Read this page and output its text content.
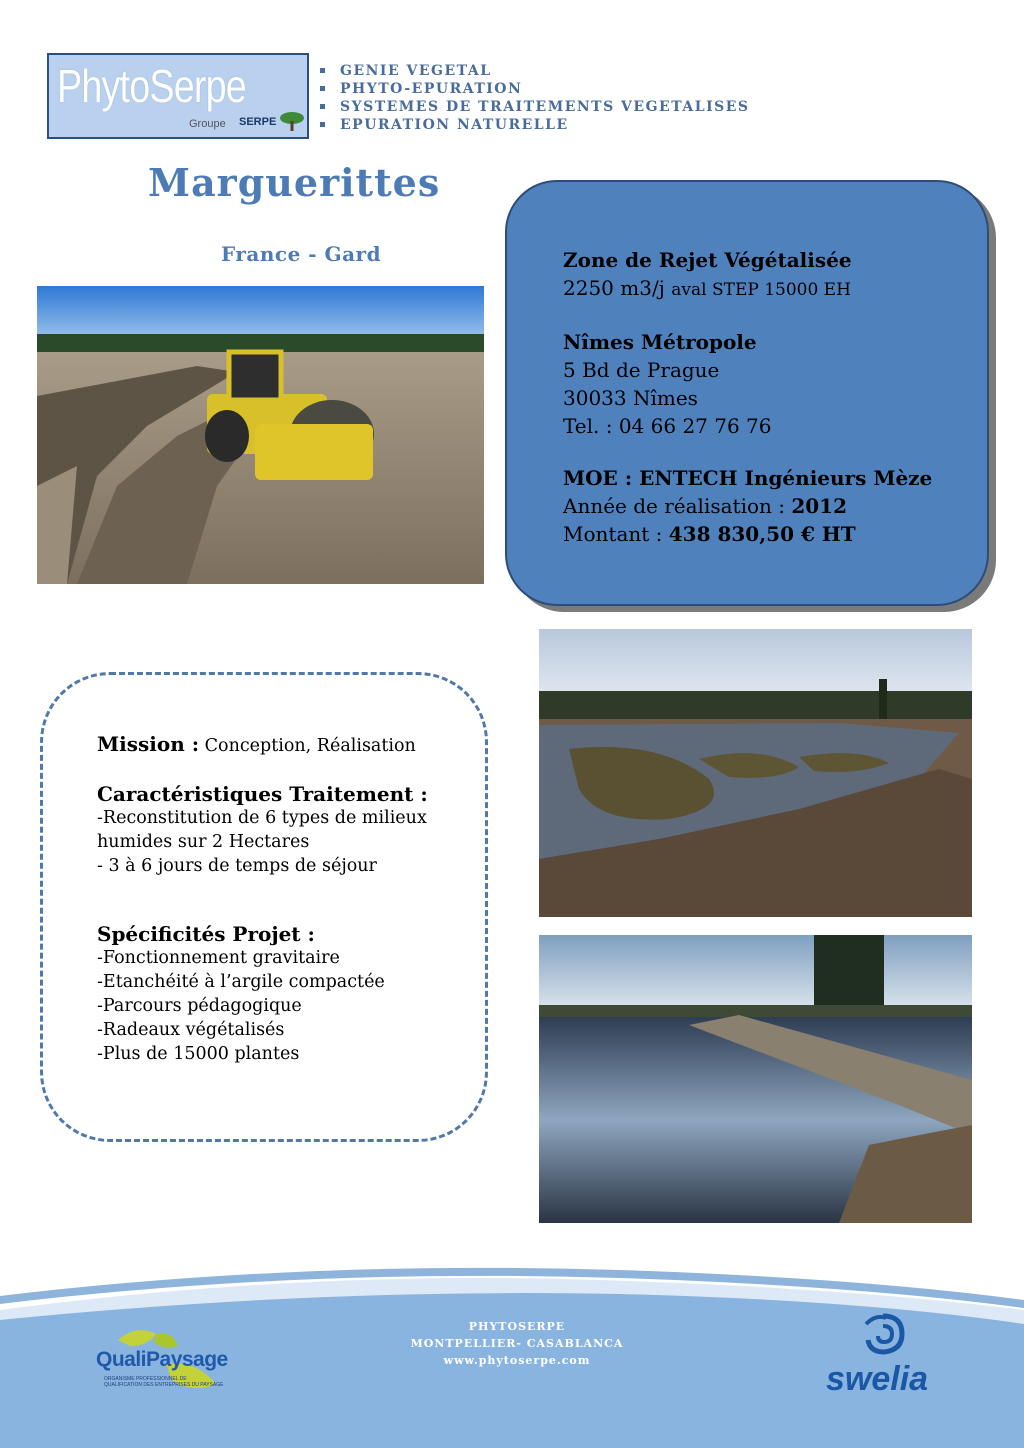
PhytoSerpe
Groupe SERPE
GENIE VEGETAL
PHYTO-EPURATION
SYSTEMES DE TRAITEMENTS VEGETALISES
EPURATION NATURELLE
Marguerittes
France - Gard	Zone de Rejet Végétalisée
2250 m3/j aval STEP 15000 EH
Nîmes Métropole
5 Bd de Prague
30033 Nîmes
Tel. : 04 66 27 76 76
MOE : ENTECH Ingénieurs Mèze
Année de réalisation : 2012
Montant : 438 830,50 € HT
Mission : Conception, Réalisation
Caractéristiques Traitement :
-Reconstitution de 6 types de milieux
humides sur 2 Hectares
- 3 à 6 jours de temps de séjour
Spécificités Projet :
-Fonctionnement gravitaire
-Etanchéité à l’argile compactée
-Parcours pédagogique
-Radeaux végétalisés
-Plus de 15000 plantes
PHYTOSERPE
MONTPELLIER- CASABLANCA
www.phytoserpe.com
QualiPaysage
ORGANISME PROFESSIONNEL DE QUALIFICATION DES ENTREPRISES DU PAYSAGE	swelia
